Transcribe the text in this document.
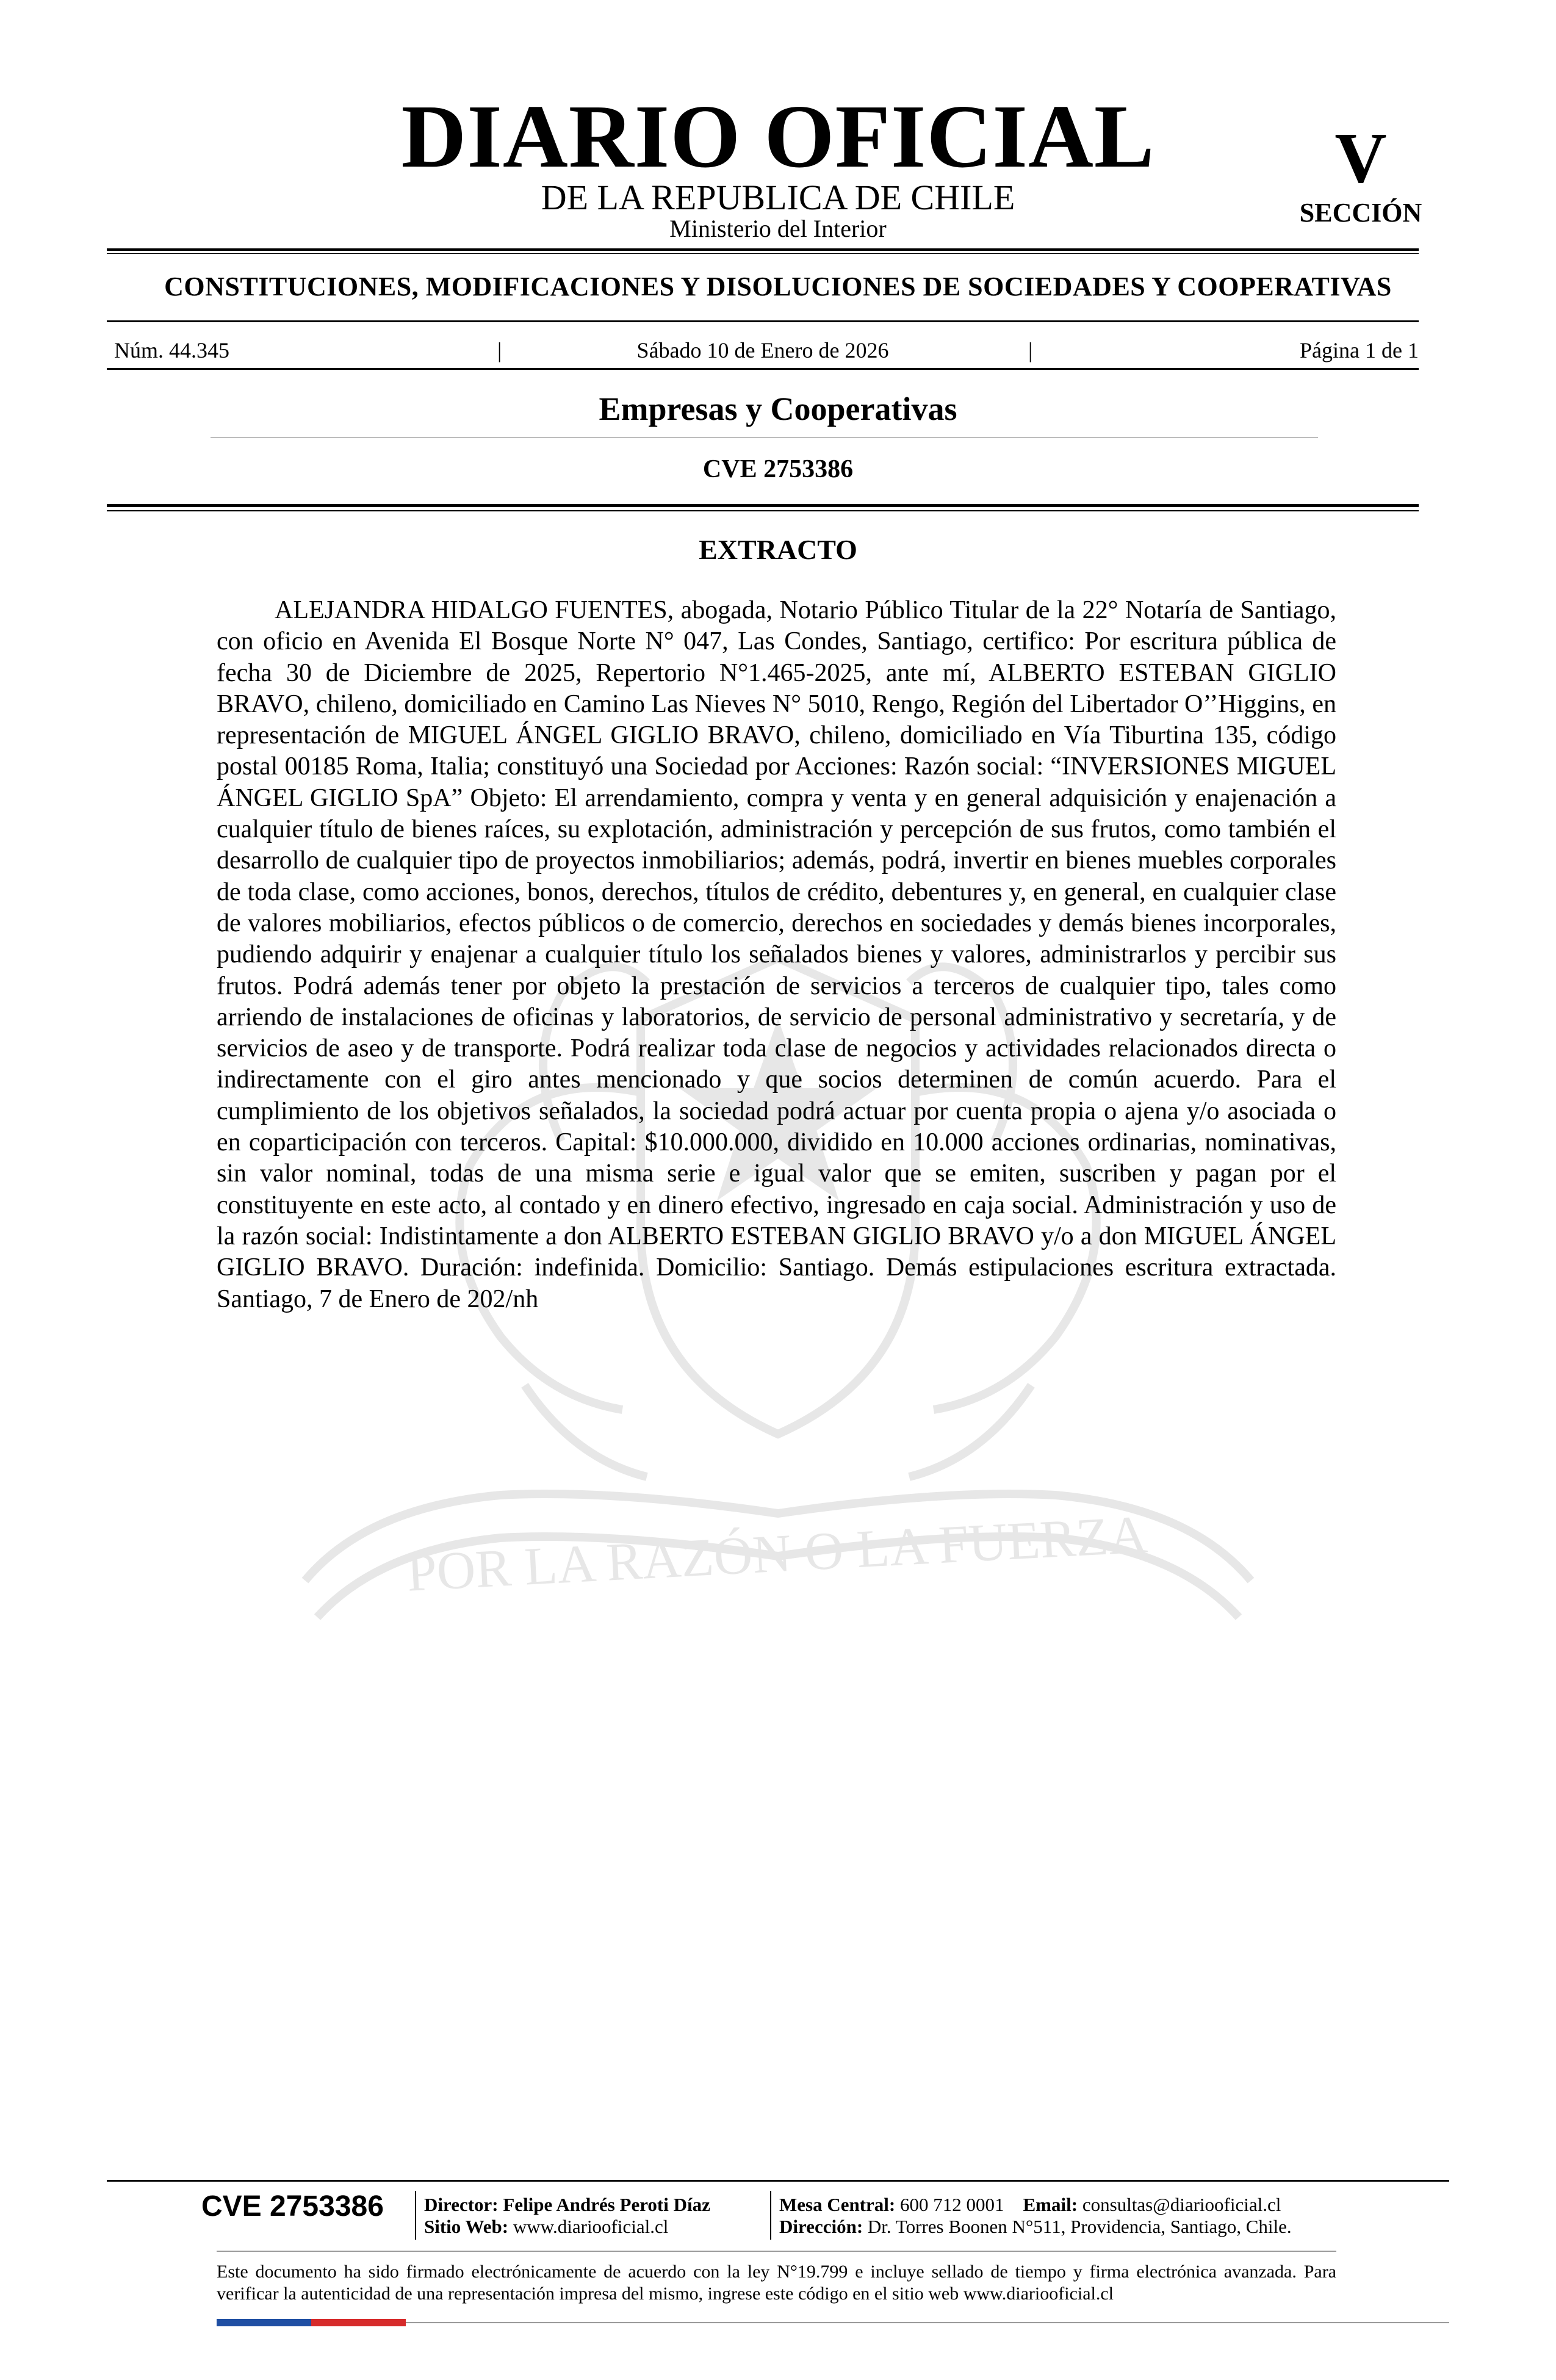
POR LA RAZÓN O LA FUERZA
DIARIO OFICIAL
DE LA REPUBLICA DE CHILE
Ministerio del Interior
V
SECCIÓN
CONSTITUCIONES, MODIFICACIONES Y DISOLUCIONES DE SOCIEDADES Y COOPERATIVAS
Núm. 44.345	|	Sábado 10 de Enero de 2026	|	Página 1 de 1
Empresas y Cooperativas
CVE 2753386
EXTRACTO

ALEJANDRA HIDALGO FUENTES, abogada, Notario Público Titular de la 22° Notaría de Santiago, con oficio en Avenida El Bosque Norte N° 047, Las Condes, Santiago, certifico: Por escritura pública de fecha 30 de Diciembre de 2025, Repertorio N°1.465-2025, ante mí, ALBERTO ESTEBAN GIGLIO BRAVO, chileno, domiciliado en Camino Las Nieves N° 5010, Rengo, Región del Libertador O’’Higgins, en representación de MIGUEL ÁNGEL GIGLIO BRAVO, chileno, domiciliado en Vía Tiburtina 135, código postal 00185 Roma, Italia; constituyó una Sociedad por Acciones: Razón social: “INVERSIONES MIGUEL ÁNGEL GIGLIO SpA” Objeto: El arrendamiento, compra y venta y en general adquisición y enajenación a cualquier título de bienes raíces, su explotación, administración y percepción de sus frutos, como también el desarrollo de cualquier tipo de proyectos inmobiliarios; además, podrá, invertir en bienes muebles corporales de toda clase, como acciones, bonos, derechos, títulos de crédito, debentures y, en general, en cualquier clase de valores mobiliarios, efectos públicos o de comercio, derechos en sociedades y demás bienes incorporales, pudiendo adquirir y enajenar a cualquier título los señalados bienes y valores, administrarlos y percibir sus frutos. Podrá además tener por objeto la prestación de servicios a terceros de cualquier tipo, tales como arriendo de instalaciones de oficinas y laboratorios, de servicio de personal administrativo y secretaría, y de servicios de aseo y de transporte. Podrá realizar toda clase de negocios y actividades relacionados directa o indirectamente con el giro antes mencionado y que socios determinen de común acuerdo. Para el cumplimiento de los objetivos señalados, la sociedad podrá actuar por cuenta propia o ajena y/o asociada o en coparticipación con terceros. Capital: $10.000.000, dividido en 10.000 acciones ordinarias, nominativas, sin valor nominal, todas de una misma serie e igual valor que se emiten, suscriben y pagan por el constituyente en este acto, al contado y en dinero efectivo, ingresado en caja social. Administración y uso de la razón social: Indistintamente a don ALBERTO ESTEBAN GIGLIO BRAVO y/o a don MIGUEL ÁNGEL GIGLIO BRAVO. Duración: indefinida. Domicilio: Santiago. Demás estipulaciones escritura extractada. Santiago, 7 de Enero de 202/nh

CVE 2753386	Director: Felipe Andrés Peroti Díaz
Sitio Web: www.diariooficial.cl
Mesa Central: 600 712 0001 Email: consultas@diariooficial.cl
Dirección: Dr. Torres Boonen N°511, Providencia, Santiago, Chile.

Este documento ha sido firmado electrónicamente de acuerdo con la ley N°19.799 e incluye sellado de tiempo y firma electrónica avanzada. Para verificar la autenticidad de una representación impresa del mismo, ingrese este código en el sitio web www.diariooficial.cl
